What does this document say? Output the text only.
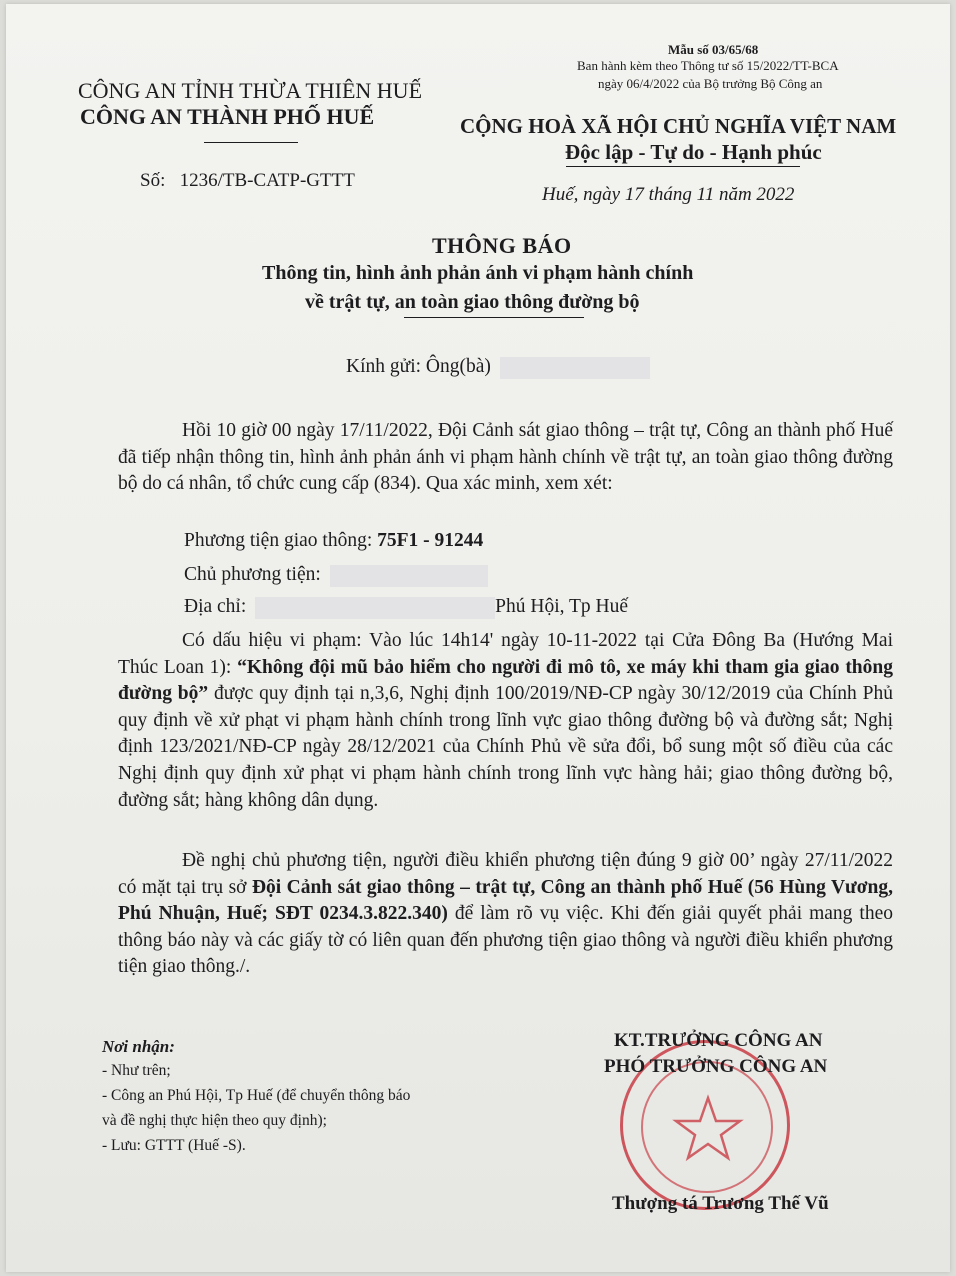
Mẫu số 03/65/68
Ban hành kèm theo Thông tư số 15/2022/TT-BCA
ngày 06/4/2022 của Bộ trưởng Bộ Công an
CÔNG AN TỈNH THỪA THIÊN HUẾ
CÔNG AN THÀNH PHỐ HUẾ
Số: 1236/TB-CATP-GTTT
CỘNG HOÀ XÃ HỘI CHỦ NGHĨA VIỆT NAM
Độc lập - Tự do - Hạnh phúc
Huế, ngày 17 tháng 11 năm 2022
THÔNG BÁO
Thông tin, hình ảnh phản ánh vi phạm hành chính
về trật tự, an toàn giao thông đường bộ
Kính gửi: Ông(bà)
Hồi 10 giờ 00 ngày 17/11/2022, Đội Cảnh sát giao thông – trật tự, Công an thành phố Huế đã tiếp nhận thông tin, hình ảnh phản ánh vi phạm hành chính về trật tự, an toàn giao thông đường bộ do cá nhân, tổ chức cung cấp (834). Qua xác minh, xem xét:
Phương tiện giao thông: 75F1 - 91244
Chủ phương tiện:
Địa chỉ:	Phú Hội, Tp Huế
Có dấu hiệu vi phạm: Vào lúc 14h14' ngày 10-11-2022 tại Cửa Đông Ba (Hướng Mai Thúc Loan 1): “Không đội mũ bảo hiểm cho người đi mô tô, xe máy khi tham gia giao thông đường bộ” được quy định tại n,3,6, Nghị định 100/2019/NĐ-CP ngày 30/12/2019 của Chính Phủ quy định về xử phạt vi phạm hành chính trong lĩnh vực giao thông đường bộ và đường sắt; Nghị định 123/2021/NĐ-CP ngày 28/12/2021 của Chính Phủ về sửa đổi, bổ sung một số điều của các Nghị định quy định xử phạt vi phạm hành chính trong lĩnh vực hàng hải; giao thông đường bộ, đường sắt; hàng không dân dụng.
Đề nghị chủ phương tiện, người điều khiển phương tiện đúng 9 giờ 00’ ngày 27/11/2022 có mặt tại trụ sở Đội Cảnh sát giao thông – trật tự, Công an thành phố Huế (56 Hùng Vương, Phú Nhuận, Huế; SĐT 0234.3.822.340) để làm rõ vụ việc. Khi đến giải quyết phải mang theo thông báo này và các giấy tờ có liên quan đến phương tiện giao thông và người điều khiển phương tiện giao thông./.
Nơi nhận:
- Như trên;
- Công an Phú Hội, Tp Huế (để chuyển thông báo
và đề nghị thực hiện theo quy định);
- Lưu: GTTT (Huế -S).
KT.TRƯỞNG CÔNG AN
PHÓ TRƯỞNG CÔNG AN
Thượng tá Trương Thế Vũ
